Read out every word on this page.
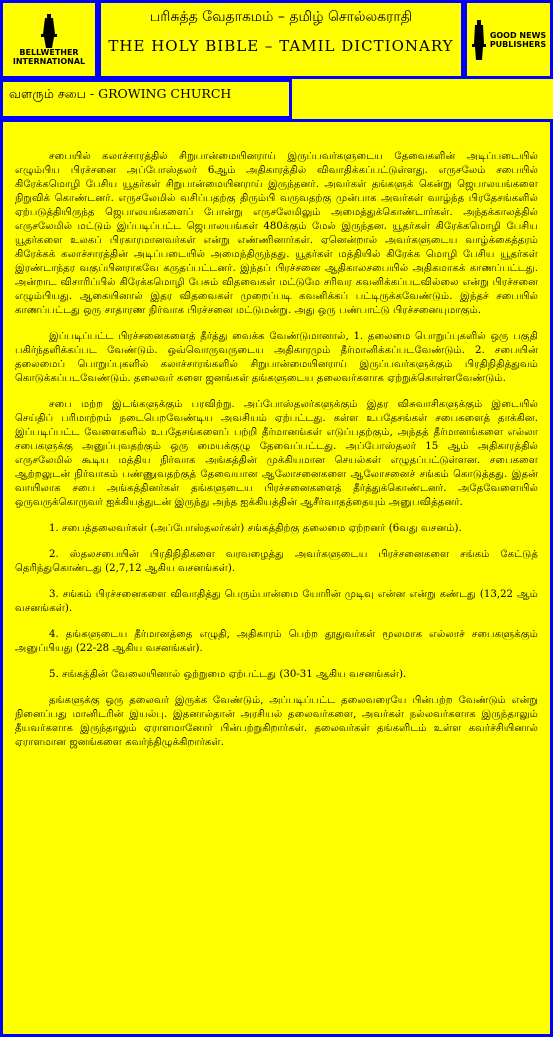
BELLWETHER
INTERNATIONAL
பரிசுத்த வேதாகமம் – தமிழ் சொல்லகராதி
THE HOLY BIBLE – TAMIL DICTIONARY
GOOD NEWS
PUBLISHERS
வளரும் சபை - GROWING CHURCH

சபையில் கலாச்சாரத்தில் சிறுபான்மையினராய் இருப்பவர்களுடைய தேவைகளின் அடிப்படையில் எழும்பிய பிரச்சனை அப்போஸ்தலர் 6ஆம் அதிகாரத்தில் விவாதிக்கப்பட்டுள்ளது. எருசலேம் சபையில் கிரேக்கமொழி பேசிய யூதர்கள் சிறுபான்மையினராய் இருந்தனர். அவர்கள் தங்களுக் கென்று ஜெபாலயங்களை நிறுவிக் கொண்டனர். எருசலேமில் வசிப்பதற்கு திரும்பி வருவதற்கு முன்பாக அவர்கள் வாழ்ந்த பிரதேசங்களில் ஏற்படுத்தியிருந்த ஜெபாலயங்களைப் போன்று எருசலேமிலும் அமைத்துக்கொண்டார்கள். அந்தக்காலத்தில் எருசலேமில் மட்டும் இப்படிப்பட்ட ஜெபாலயங்கள் 480க்கும் மேல் இருந்தன. யூதர்கள் கிரேக்கமொழி பேசிய யூதர்களை உலகப் பிரகாரமானவர்கள் என்று எண்ணினார்கள். ஏனென்றால் அவர்களுடைய வாழ்க்கைத்தரம் கிரேக்கக் கலாச்சாரத்தின் அடிப்படையில் அமைந்திருந்தது. யூதர்கள் மத்தியில் கிரேக்க மொழி பேசிய யூதர்கள் இரண்டாந்தர வகுப்பினராகவே கருதப்பட்டனர். இந்தப் பிரச்சனை ஆதிகாலசபையில் அதிகமாகக் காணப்பட்டது. அன்றாட விசாரிப்பில் கிரேக்கமொழி பேசும் விதவைகள் மட்டுமே சரிவர கவனிக்கப்படவில்லை என்று பிரச்சனை எழும்பியது. ஆகையினால் இதர விதவைகள் முறைப்படி கவனிக்கப் பட்டிருக்கவேண்டும். இந்தச் சபையில் காணப்பட்டது ஒரு சாதாரண நிர்வாக பிரச்சனை மட்டுமன்று. அது ஒரு பண்பாட்டு பிரச்சனையுமாகும்.

இப்படிப்பட்ட பிரச்சனைகளைத் தீர்த்து வைக்க வேண்டுமானால், 1. தலைமை பொறுப்புகளில் ஒரு பகுதி பகிர்ந்தளிக்கப்பட வேண்டும். ஒவ்வொருவருடைய அதிகாரமும் தீர்மானிக்கப்படவேண்டும். 2. சபையின் தலைமைப் பொறுப்புகளில் கலாச்சாரங்களில் சிறுபான்மையினராய் இருப்பவர்களுக்கும் பிரதிநிதித்துவம் கொடுக்கப்படவேண்டும். தலைவர் களை ஜனங்கள் தங்களுடைய தலைவர்களாக ஏற்றுக்கொள்ளவேண்டும்.

சபை மற்ற இடங்களுக்கும் பரவிற்று. அப்போஸ்தலர்களுக்கும் இதர விசுவாசிகளுக்கும் இடையில் செய்திப் பரிமாற்றம் நடைபெறவேண்டிய அவசியம் ஏற்பட்டது. கள்ள உபதேசங்கள் சபைகளைத் தாக்கின. இப்படிப்பட்ட வேளைகளில் உபதேசங்களைப் பற்றி தீர்மானங்கள் எடுப்பதற்கும், அந்தத் தீர்மானங்களை எல்லா சபைகளுக்கு அனுப்புவதற்கும் ஒரு மையக்குழு தேவைப்பட்டது. அப்போஸ்தலர் 15 ஆம் அதிகாரத்தில் எருசலேமில் கூடிய மத்திய நிர்வாக அங்கத்தின் முக்கியமான செயல்கள் எழுதப்பட்டுள்ளன. சபைகளை ஆற்றலுடன் நிர்வாகம் பண்ணுவதற்குத் தேவையான ஆலோசனைகளை ஆலோசனைச் சங்கம் கொடுத்தது. இதன் வாயிலாக சபை அங்கத்தினர்கள் தங்களுடைய பிரச்சனைகளைத் தீர்த்துக்கொண்டனர். அதேவேளையில் ஒருவருக்கொருவர் ஐக்கியத்துடன் இருந்து அந்த ஐக்கியத்தின் ஆசீர்வாதத்தையும் அனுபவித்தனர்.

1. சபைத்தலைவர்கள் (அப்போஸ்தலர்கள்) சங்கத்திற்கு தலைமை ஏற்றனர் (6வது வசனம்).

2. ஸ்தலசபையின் பிரதிநிதிகளை வரவழைத்து அவர்களுடைய பிரச்சனைகளை சங்கம் கேட்டுத் தெரிந்துகொண்டது (2,7,12 ஆகிய வசனங்கள்).

3. சங்கம் பிரச்சனைகளை விவாதித்து பெரும்பான்மை யோரின் முடிவு என்ன என்று கண்டது (13,22 ஆம் வசனங்கள்).

4. தங்களுடைய தீர்மானத்தை எழுதி, அதிகாரம் பெற்ற தூதுவர்கள் மூலமாக எல்லாச் சபைகளுக்கும் அனுப்பியது (22-28 ஆகிய வசனங்கள்).

5. சங்கத்தின் வேலையினால் ஒற்றுமை ஏற்பட்டது (30-31 ஆகிய வசனங்கள்).

தங்களுக்கு ஒரு தலைவர் இருக்க வேண்டும், அப்படிப்பட்ட தலைவரையே பின்பற்ற வேண்டும் என்று நினைப்பது மானிடரின் இயல்பு. இதனால்தான் அரசியல் தலைவர்களை, அவர்கள் நல்லவர்களாக இருந்தாலும் தீயவர்களாக இருந்தாலும் ஏராளமானோர் பின்பற்றுகிறார்கள். தலைவர்கள் தங்களிடம் உள்ள கவர்ச்சியினால் ஏராளமான ஜனங்களை கவர்ந்திழுக்கிறார்கள்.
